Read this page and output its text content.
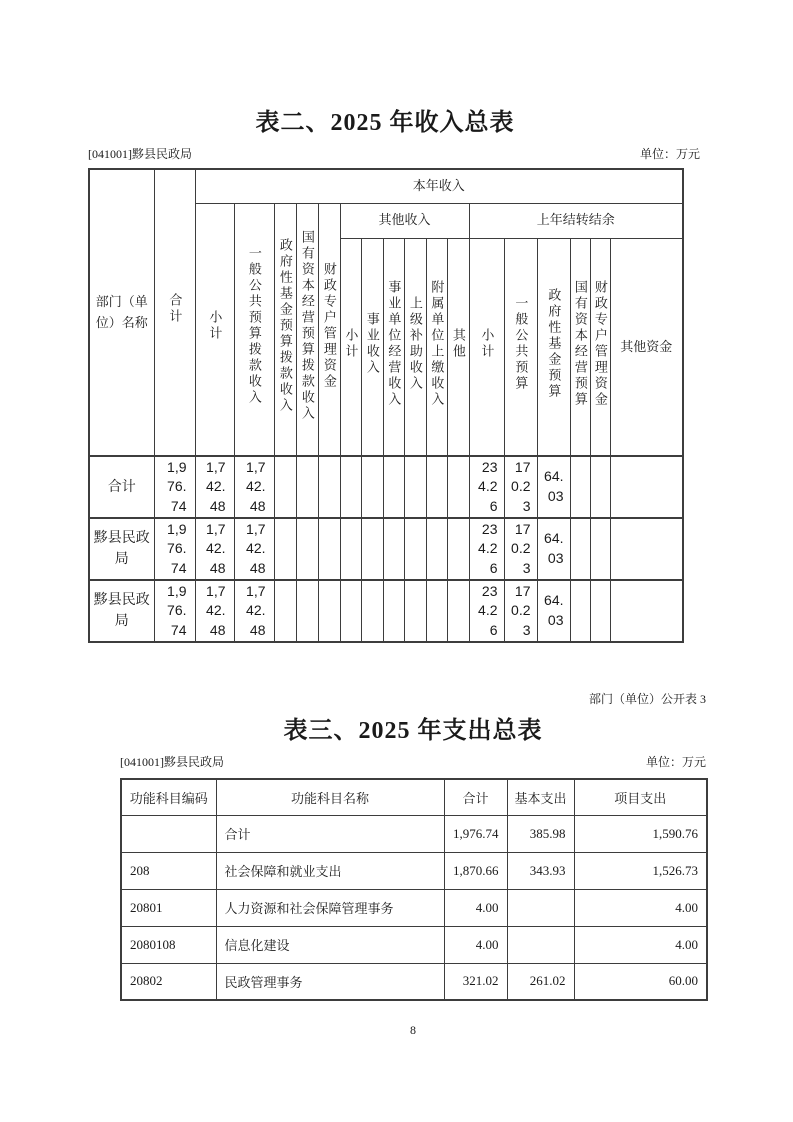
表二、2025 年收入总表
[041001]黟县民政局	单位：万元
部门（单位）名称	合计	本年收入																
		小计	一般公共预算拨款收入	政府性基金预算拨款收入	国有资本经营预算拨款收入	财政专户管理资金	其他收入						上年结转结余					
							小计	事业收入	事业单位经营收入	上级补助收入	附属单位上缴收入	其他	小计	一般公共预算	政府性基金预算	国有资本经营预算	财政专户管理资金	其他资金
合计	1,976.74	1,742.48	1,742.48										234.26	170.23	64.03			
黟县民政局	1,976.74	1,742.48	1,742.48										234.26	170.23	64.03			
黟县民政局	1,976.74	1,742.48	1,742.48										234.26	170.23	64.03			
部门（单位）公开表 3
表三、2025 年支出总表
[041001]黟县民政局	单位：万元
功能科目编码	功能科目名称	合计	基本支出	项目支出
	合计	1,976.74	385.98	1,590.76
208	社会保障和就业支出	1,870.66	343.93	1,526.73
20801	人力资源和社会保障管理事务	4.00		4.00
2080108	信息化建设	4.00		4.00
20802	民政管理事务	321.02	261.02	60.00
8
